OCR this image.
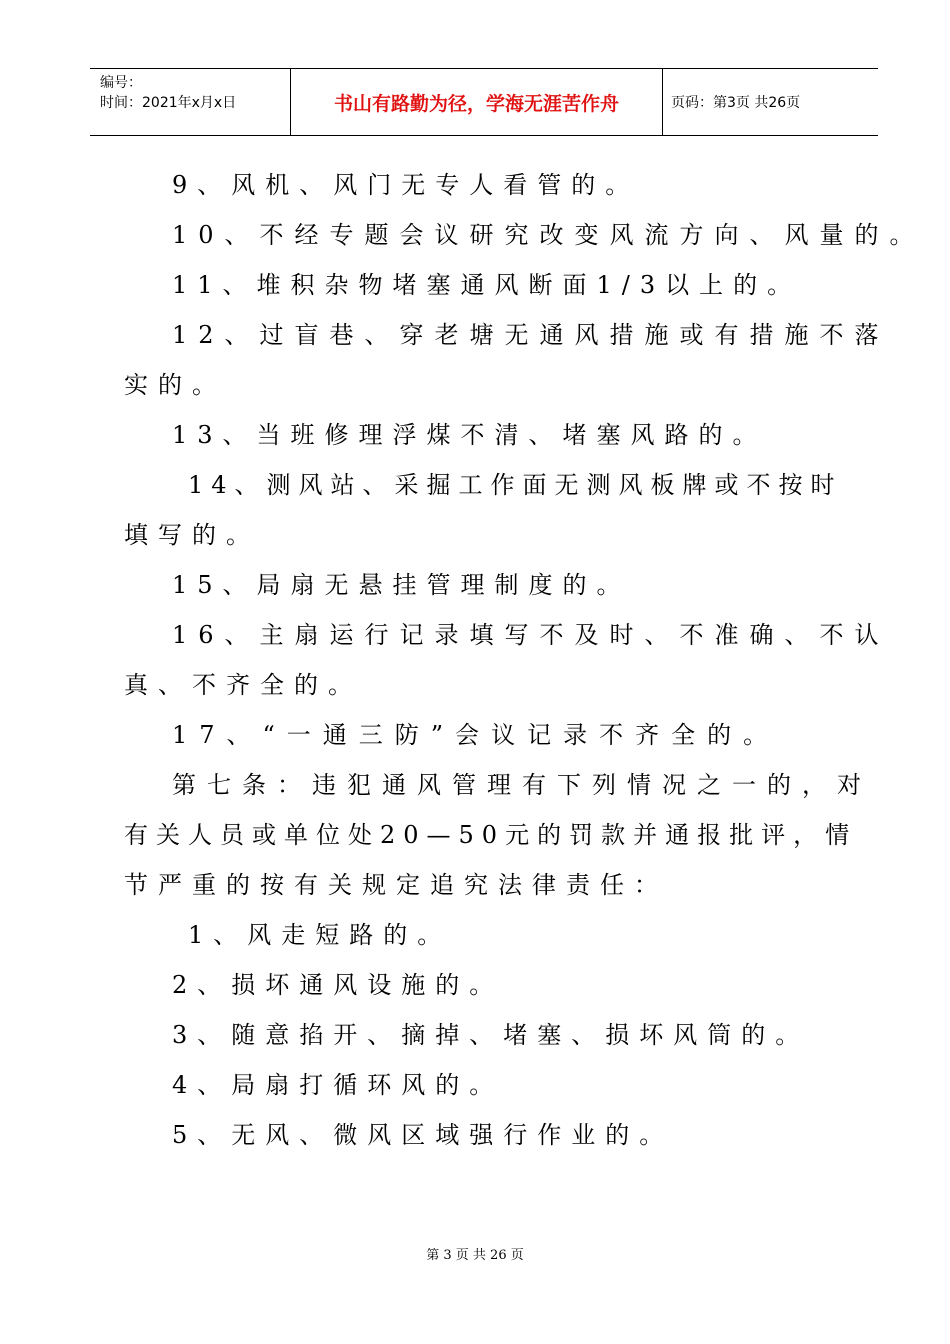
编号：
时间：2021年x月x日	书山有路勤为径，学海无涯苦作舟	页码：第3页 共26页
9、风机、风门无专人看管的。
10、不经专题会议研究改变风流方向、风量的。
11、堆积杂物堵塞通风断面1/3以上的。
12、过盲巷、穿老塘无通风措施或有措施不落
实的。
13、当班修理浮煤不清、堵塞风路的。
14、测风站、采掘工作面无测风板牌或不按时
填写的。
15、局扇无悬挂管理制度的。
16、主扇运行记录填写不及时、不准确、不认
真、不齐全的。
17、“一通三防”会议记录不齐全的。
第七条：违犯通风管理有下列情况之一的，对
有关人员或单位处20—50元的罚款并通报批评，情
节严重的按有关规定追究法律责任：
1、风走短路的。
2、损坏通风设施的。
3、随意掐开、摘掉、堵塞、损坏风筒的。
4、局扇打循环风的。
5、无风、微风区域强行作业的。
第 3 页 共 26 页
